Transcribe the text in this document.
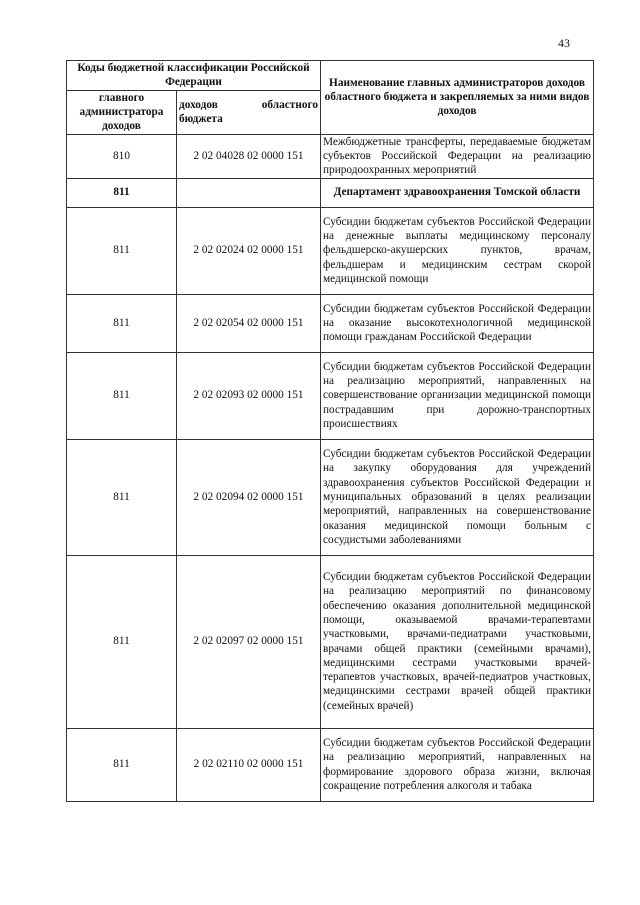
43
Коды бюджетной классификации Российской Федерации		Наименование главных администраторов доходов областного бюджета и закрепляемых за ними видов доходов
главного администратора доходов	доходов областного бюджета	
810	2 02 04028 02 0000 151	Межбюджетные трансферты, передаваемые бюджетам субъектов Российской Федерации на реализацию природоохранных мероприятий

811		Департамент здравоохранения Томской области
811	2 02 02024 02 0000 151	Субсидии бюджетам субъектов Российской Федерации на денежные выплаты медицинскому персоналу фельдшерско-акушерских пунктов, врачам, фельдшерам и медицинским сестрам скорой медицинской помощи

811	2 02 02054 02 0000 151	Субсидии бюджетам субъектов Российской Федерации на оказание высокотехнологичной медицинской помощи гражданам Российской Федерации

811	2 02 02093 02 0000 151	Субсидии бюджетам субъектов Российской Федерации на реализацию мероприятий, направленных на совершенствование организации медицинской помощи пострадавшим при дорожно-транспортных происшествиях

811	2 02 02094 02 0000 151	Субсидии бюджетам субъектов Российской Федерации на закупку оборудования для учреждений здравоохранения субъектов Российской Федерации и муниципальных образований в целях реализации мероприятий, направленных на совершенствование оказания медицинской помощи больным с сосудистыми заболеваниями

811	2 02 02097 02 0000 151	Субсидии бюджетам субъектов Российской Федерации на реализацию мероприятий по финансовому обеспечению оказания дополнительной медицинской помощи, оказываемой врачами-терапевтами участковыми, врачами-педиатрами участковыми, врачами общей практики (семейными врачами), медицинскими сестрами участковыми врачей-терапевтов участковых, врачей-педиатров участковых, медицинскими сестрами врачей общей практики (семейных врачей)

811	2 02 02110 02 0000 151	Субсидии бюджетам субъектов Российской Федерации на реализацию мероприятий, направленных на формирование здорового образа жизни, включая сокращение потребления алкоголя и табака
